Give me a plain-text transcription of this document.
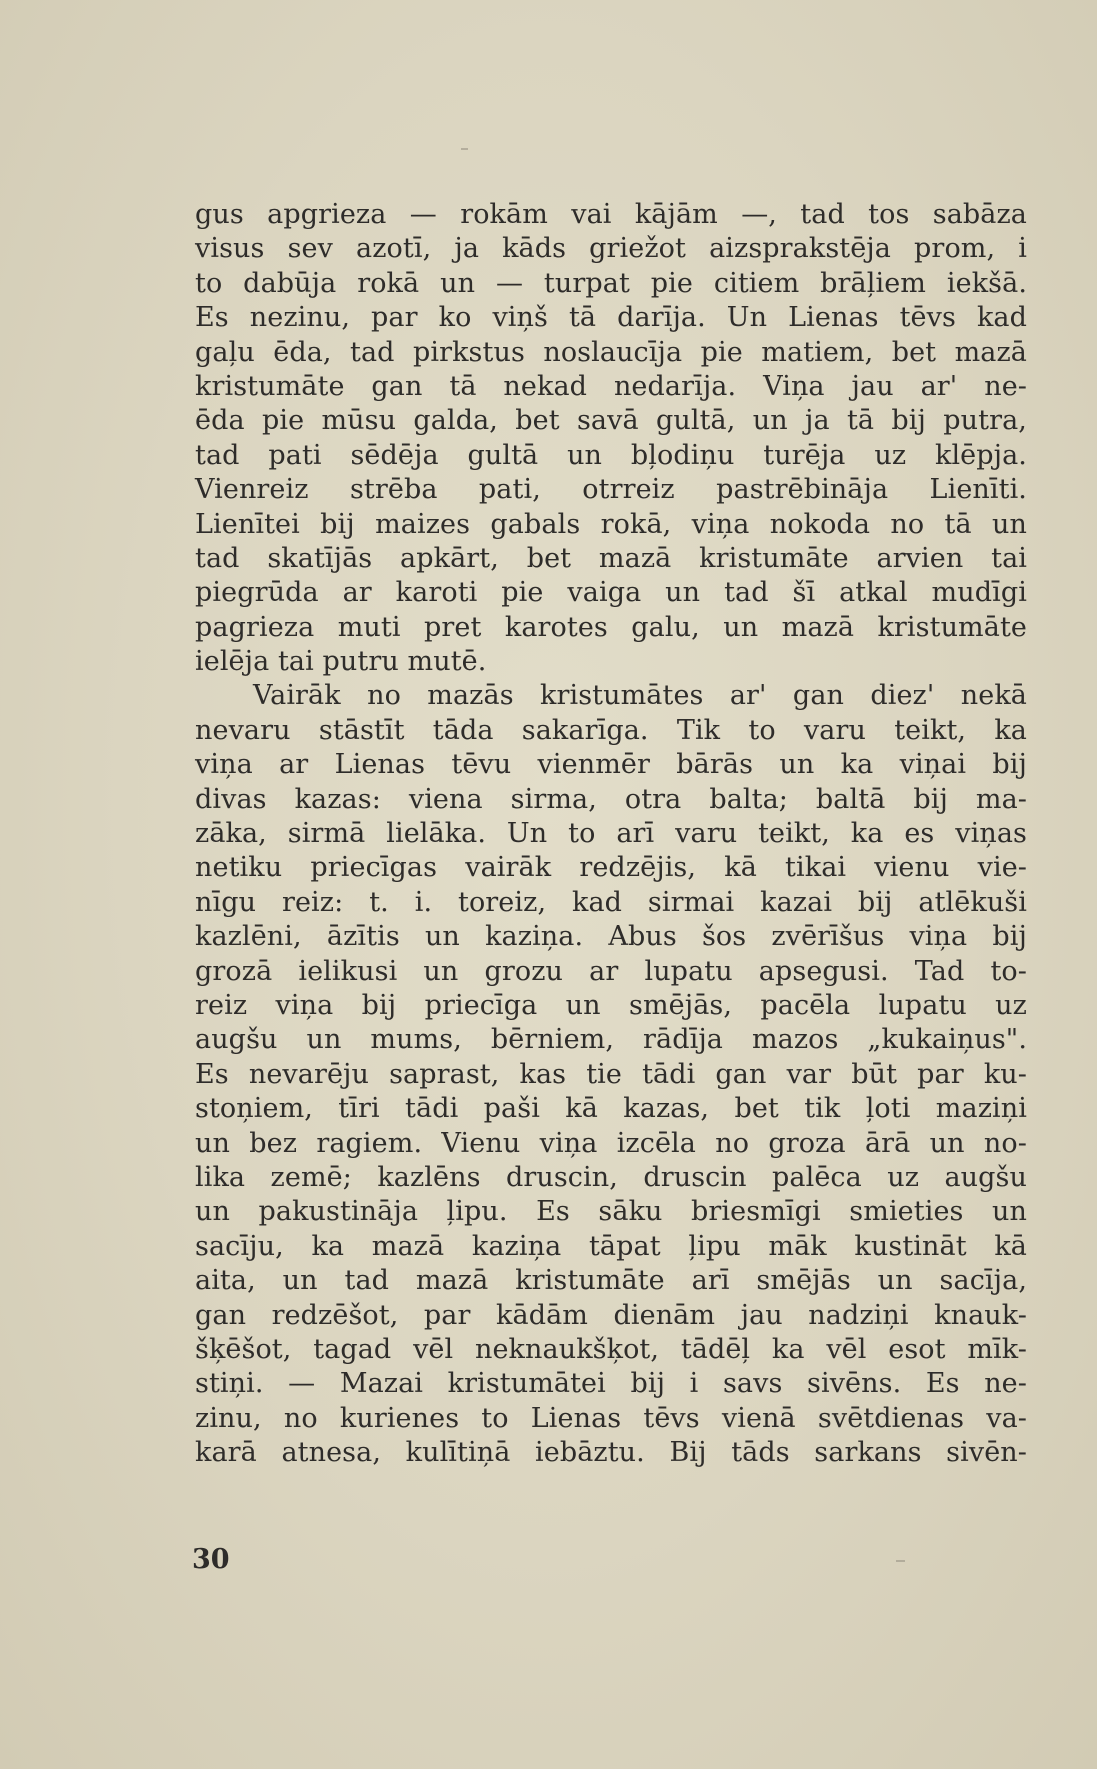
gus apgrieza — rokām vai kājām —, tad tos sabāza
visus sev azotī, ja kāds griežot aizsprakstēja prom, i
to dabūja rokā un — turpat pie citiem brāļiem iekšā.
Es nezinu, par ko viņš tā darīja. Un Lienas tēvs kad
gaļu ēda, tad pirkstus noslaucīja pie matiem, bet mazā
kristumāte gan tā nekad nedarīja. Viņa jau ar' ne-
ēda pie mūsu galda, bet savā gultā, un ja tā bij putra,
tad pati sēdēja gultā un bļodiņu turēja uz klēpja.
Vienreiz strēba pati, otrreiz pastrēbināja Lienīti.
Lienītei bij maizes gabals rokā, viņa nokoda no tā un
tad skatījās apkārt, bet mazā kristumāte arvien tai
piegrūda ar karoti pie vaiga un tad šī atkal mudīgi
pagrieza muti pret karotes galu, un mazā kristumāte
ielēja tai putru mutē.
Vairāk no mazās kristumātes ar' gan diez' nekā
nevaru stāstīt tāda sakarīga. Tik to varu teikt, ka
viņa ar Lienas tēvu vienmēr bārās un ka viņai bij
divas kazas: viena sirma, otra balta; baltā bij ma-
zāka, sirmā lielāka. Un to arī varu teikt, ka es viņas
netiku priecīgas vairāk redzējis, kā tikai vienu vie-
nīgu reiz: t. i. toreiz, kad sirmai kazai bij atlēkuši
kazlēni, āzītis un kaziņa. Abus šos zvērīšus viņa bij
grozā ielikusi un grozu ar lupatu apsegusi. Tad to-
reiz viņa bij priecīga un smējās, pacēla lupatu uz
augšu un mums, bērniem, rādīja mazos „kukaiņus".
Es nevarēju saprast, kas tie tādi gan var būt par ku-
stoņiem, tīri tādi paši kā kazas, bet tik ļoti maziņi
un bez ragiem. Vienu viņa izcēla no groza ārā un no-
lika zemē; kazlēns druscin, druscin palēca uz augšu
un pakustināja ļipu. Es sāku briesmīgi smieties un
sacīju, ka mazā kaziņa tāpat ļipu māk kustināt kā
aita, un tad mazā kristumāte arī smējās un sacīja,
gan redzēšot, par kādām dienām jau nadziņi knauk-
šķēšot, tagad vēl neknaukšķot, tādēļ ka vēl esot mīk-
stiņi. — Mazai kristumātei bij i savs sivēns. Es ne-
zinu, no kurienes to Lienas tēvs vienā svētdienas va-
karā atnesa, kulītiņā iebāztu. Bij tāds sarkans sivēn-
30
